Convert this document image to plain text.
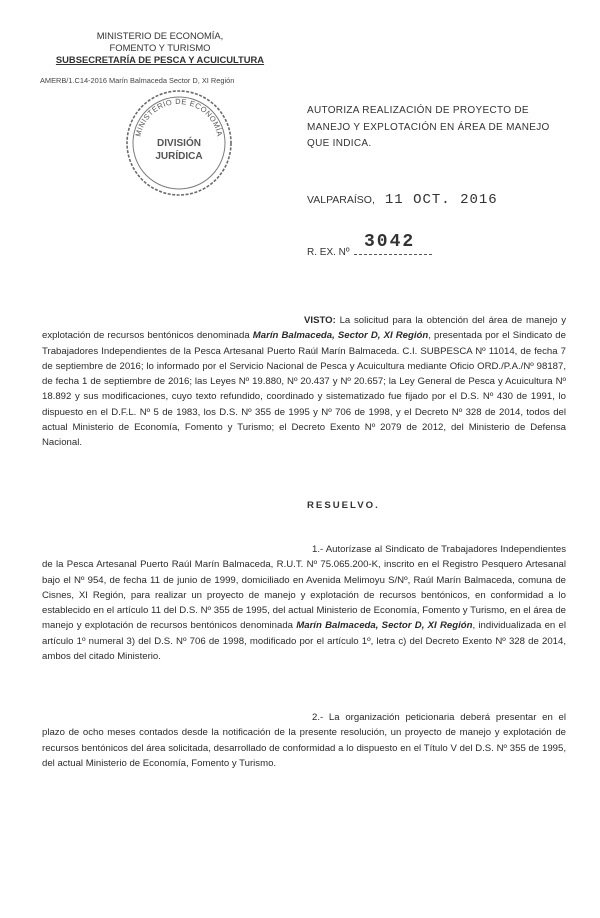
MINISTERIO DE ECONOMÍA,
FOMENTO Y TURISMO
SUBSECRETARÍA DE PESCA Y ACUICULTURA
AMERB/1.C14-2016 Marín Balmaceda Sector D, XI Región
MINISTERIO DE ECONOMÍA
DIVISIÓN
JURÍDICA
AUTORIZA REALIZACIÓN DE PROYECTO DE MANEJO Y EXPLOTACIÓN EN ÁREA DE MANEJO QUE INDICA.
VALPARAÍSO, 11 OCT. 2016
R. EX. Nº
3042
VISTO: La solicitud para la obtención del área de manejo y explotación de recursos bentónicos denominada Marín Balmaceda, Sector D, XI Región, presentada por el Sindicato de Trabajadores Independientes de la Pesca Artesanal Puerto Raúl Marín Balmaceda. C.I. SUBPESCA Nº 11014, de fecha 7 de septiembre de 2016; lo informado por el Servicio Nacional de Pesca y Acuicultura mediante Oficio ORD./P.A./Nº 98187, de fecha 1 de septiembre de 2016; las Leyes Nº 19.880, Nº 20.437 y Nº 20.657; la Ley General de Pesca y Acuicultura Nº 18.892 y sus modificaciones, cuyo texto refundido, coordinado y sistematizado fue fijado por el D.S. Nº 430 de 1991, lo dispuesto en el D.F.L. Nº 5 de 1983, los D.S. Nº 355 de 1995 y Nº 706 de 1998, y el Decreto Nº 328 de 2014, todos del actual Ministerio de Economía, Fomento y Turismo; el Decreto Exento Nº 2079 de 2012, del Ministerio de Defensa Nacional.
RESUELVO.
1.- Autorízase al Sindicato de Trabajadores Independientes de la Pesca Artesanal Puerto Raúl Marín Balmaceda, R.U.T. Nº 75.065.200-K, inscrito en el Registro Pesquero Artesanal bajo el Nº 954, de fecha 11 de junio de 1999, domiciliado en Avenida Melimoyu S/Nº, Raúl Marín Balmaceda, comuna de Cisnes, XI Región, para realizar un proyecto de manejo y explotación de recursos bentónicos, en conformidad a lo establecido en el artículo 11 del D.S. Nº 355 de 1995, del actual Ministerio de Economía, Fomento y Turismo, en el área de manejo y explotación de recursos bentónicos denominada Marín Balmaceda, Sector D, XI Región, individualizada en el artículo 1º numeral 3) del D.S. Nº 706 de 1998, modificado por el artículo 1º, letra c) del Decreto Exento Nº 328 de 2014, ambos del citado Ministerio.
2.- La organización peticionaria deberá presentar en el plazo de ocho meses contados desde la notificación de la presente resolución, un proyecto de manejo y explotación de recursos bentónicos del área solicitada, desarrollado de conformidad a lo dispuesto en el Título V del D.S. Nº 355 de 1995, del actual Ministerio de Economía, Fomento y Turismo.
